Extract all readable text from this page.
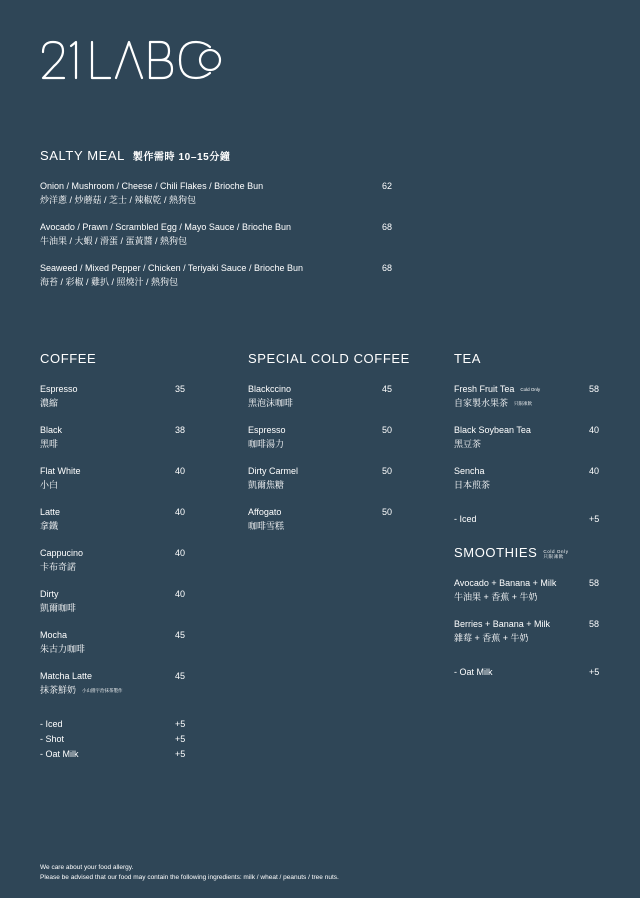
SALTY MEAL 製作需時 10–15分鐘
Onion / Mushroom / Cheese / Chili Flakes / Brioche Bun
炒洋蔥 / 炒蘑菇 / 芝士 / 辣椒乾 / 熱狗包
62
Avocado / Prawn / Scrambled Egg / Mayo Sauce / Brioche Bun
牛油果 / 大蝦 / 滑蛋 / 蛋黃醬 / 熱狗包
68
Seaweed / Mixed Pepper / Chicken / Teriyaki Sauce / Brioche Bun
海苔 / 彩椒 / 雞扒 / 照燒汁 / 熱狗包
68
COFFEE
Espresso
濃縮
35
Black
黑啡
38
Flat White
小白
40
Latte
拿鐵
40
Cappucino
卡布奇諾
40
Dirty
凱爾咖啡
40
Mocha
朱古力咖啡
45
Matcha Latte
抹茶鮮奶 小山園宇治抹茶製作
45
- Iced	+5
- Shot	+5
- Oat Milk	+5
SPECIAL COLD COFFEE
Blackccino
黑泡沫咖啡
45
Espresso
咖啡湯力
50
Dirty Carmel
凱爾焦糖
50
Affogato
咖啡雪糕
50
TEA
Fresh Fruit Tea Cold Only
自家製水果茶 只限凍飲
58
Black Soybean Tea
黑豆茶
40
Sencha
日本煎茶
40
- Iced	+5
SMOOTHIES Cold Only
只限凍飲
Avocado + Banana + Milk
牛油果 + 香蕉 + 牛奶
58
Berries + Banana + Milk
雜莓 + 香蕉 + 牛奶
58
- Oat Milk	+5
We care about your food allergy.
Please be advised that our food may contain the following ingredients: milk / wheat / peanuts / tree nuts.
